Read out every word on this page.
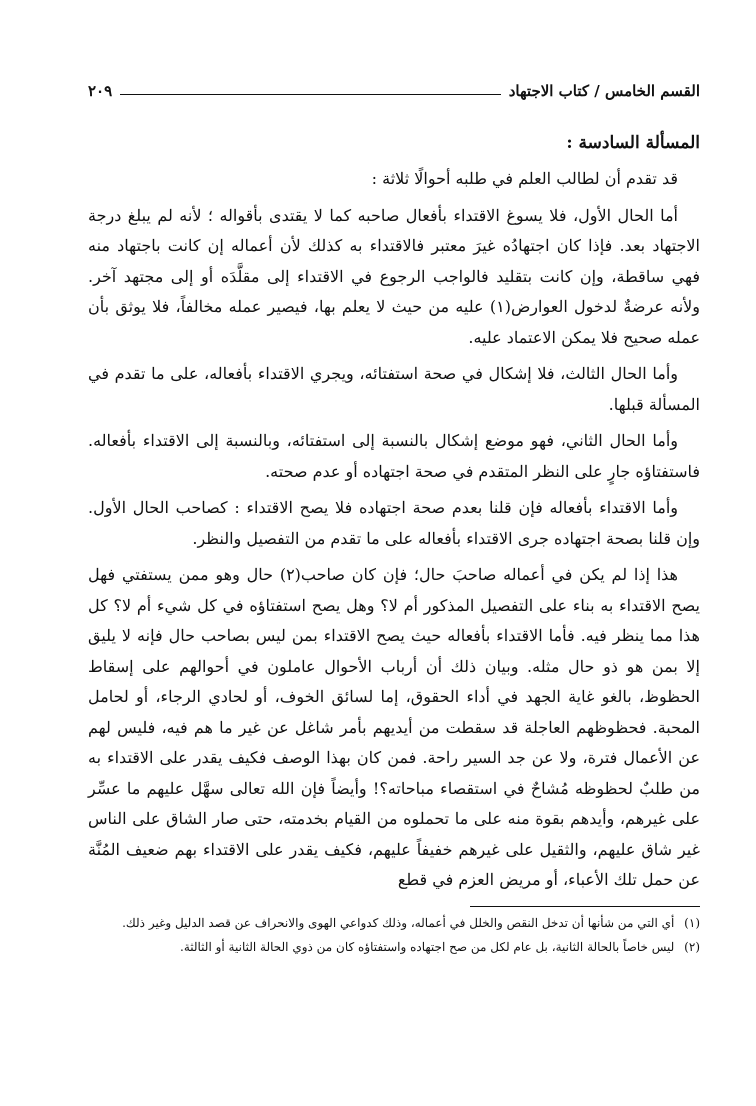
القسم الخامس / كتاب الاجتهاد
٢٠٩
المسألة السادسة :

قد تقدم أن لطالب العلم في طلبه أحوالًا ثلاثة :

أما الحال الأول، فلا يسوغ الاقتداء بأفعال صاحبه كما لا يقتدى بأقواله ؛ لأنه لم يبلغ درجة الاجتهاد بعد. فإذا كان اجتهادُه غيرَ معتبر فالاقتداء به كذلك لأن أعماله إن كانت باجتهاد منه فهي ساقطة، وإن كانت بتقليد فالواجب الرجوع في الاقتداء إلى مقلَّدَه أو إلى مجتهد آخر. ولأنه عرضةٌ لدخول العوارض(١) عليه من حيث لا يعلم بها، فيصير عمله مخالفاً، فلا يوثق بأن عمله صحيح فلا يمكن الاعتماد عليه.

وأما الحال الثالث، فلا إشكال في صحة استفتائه، ويجري الاقتداء بأفعاله، على ما تقدم في المسألة قبلها.

وأما الحال الثاني، فهو موضع إشكال بالنسبة إلى استفتائه، وبالنسبة إلى الاقتداء بأفعاله. فاستفتاؤه جارٍ على النظر المتقدم في صحة اجتهاده أو عدم صحته.

وأما الاقتداء بأفعاله فإن قلنا بعدم صحة اجتهاده فلا يصح الاقتداء : كصاحب الحال الأول. وإن قلنا بصحة اجتهاده جرى الاقتداء بأفعاله على ما تقدم من التفصيل والنظر.

هذا إذا لم يكن في أعماله صاحبَ حال؛ فإن كان صاحب(٢) حال وهو ممن يستفتي فهل يصح الاقتداء به بناء على التفصيل المذكور أم لا؟ وهل يصح استفتاؤه في كل شيء أم لا؟ كل هذا مما ينظر فيه. فأما الاقتداء بأفعاله حيث يصح الاقتداء بمن ليس بصاحب حال فإنه لا يليق إلا بمن هو ذو حال مثله. وبيان ذلك أن أرباب الأحوال عاملون في أحوالهم على إسقاط الحظوظ، بالغو غاية الجهد في أداء الحقوق، إما لسائق الخوف، أو لحادي الرجاء، أو لحامل المحبة. فحظوظهم العاجلة قد سقطت من أيديهم بأمر شاغل عن غير ما هم فيه، فليس لهم عن الأعمال فترة، ولا عن جد السير راحة. فمن كان بهذا الوصف فكيف يقدر على الاقتداء به من طلبٌ لحظوظه مُشاحٌ في استقصاء مباحاته؟! وأيضاً فإن الله تعالى سهَّل عليهم ما عسِّر على غيرهم، وأيدهم بقوة منه على ما تحملوه من القيام بخدمته، حتى صار الشاق على الناس غير شاق عليهم، والثقيل على غيرهم خفيفاً عليهم، فكيف يقدر على الاقتداء بهم ضعيف المُنَّة عن حمل تلك الأعباء، أو مريض العزم في قطع

(١) أي التي من شأنها أن تدخل النقص والخلل في أعماله، وذلك كدواعي الهوى والانحراف عن قصد الدليل وغير ذلك.

(٢) ليس خاصاً بالحالة الثانية، بل عام لكل من صح اجتهاده واستفتاؤه كان من ذوي الحالة الثانية أو الثالثة.
